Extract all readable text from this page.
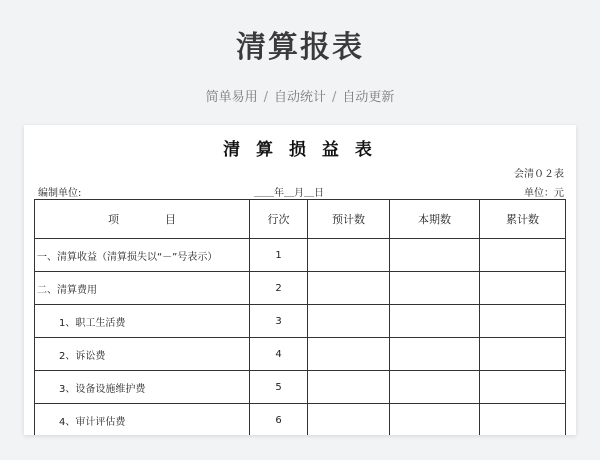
清算报表
简单易用 / 自动统计 / 自动更新
清 算 损 益 表
会清０２表
编制单位:	＿＿年＿月＿日	单位：元
项 目	行次	预计数	本期数	累计数
一、清算收益（清算损失以“－”号表示）	1			
二、清算费用	2			
1、职工生活费	3			
2、诉讼费	4			
3、设备设施维护费	5			
4、审计评估费	6			
